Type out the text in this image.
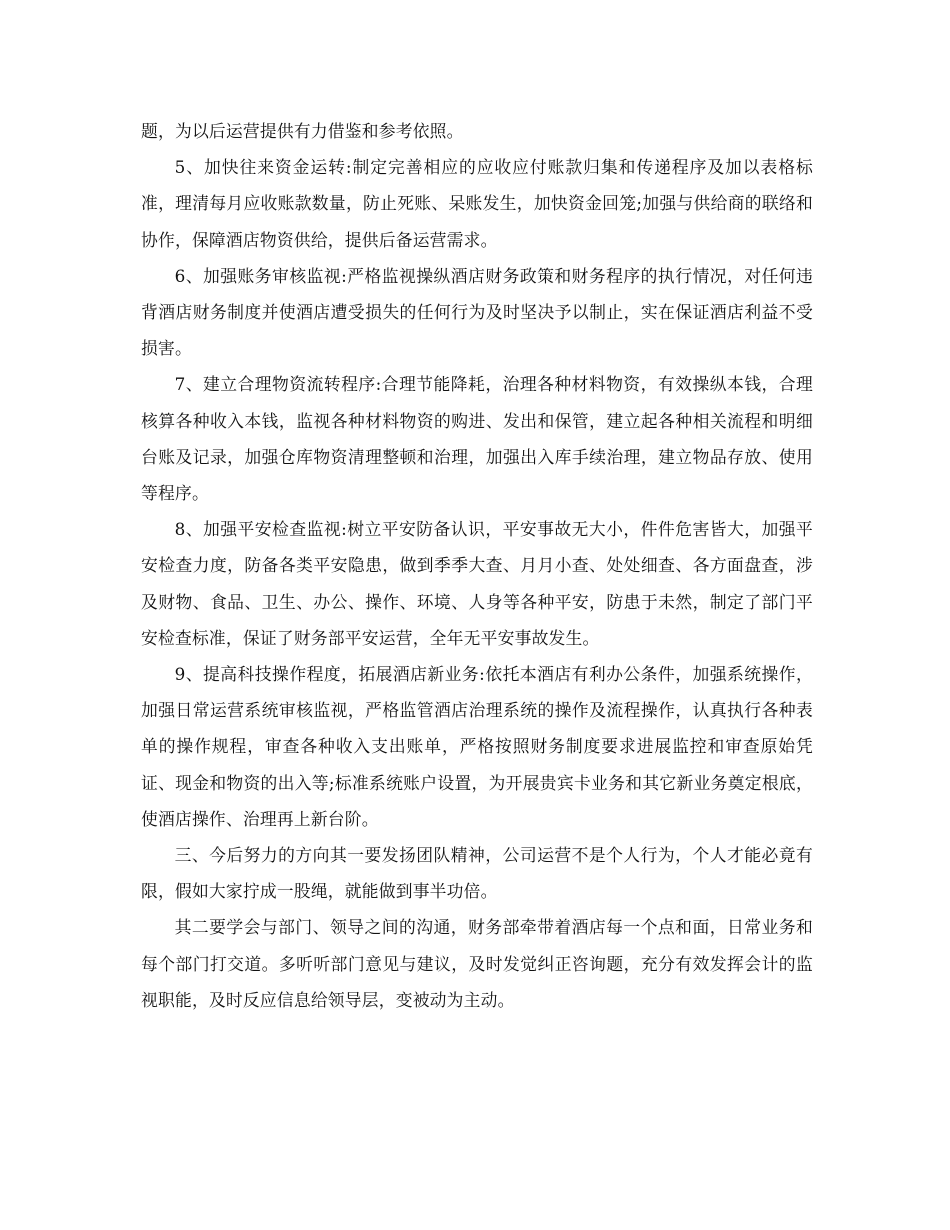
题，为以后运营提供有力借鉴和参考依照。

5、加快往来资金运转:制定完善相应的应收应付账款归集和传递程序及加以表格标准，理清每月应收账款数量，防止死账、呆账发生，加快资金回笼;加强与供给商的联络和协作，保障酒店物资供给，提供后备运营需求。

6、加强账务审核监视:严格监视操纵酒店财务政策和财务程序的执行情况，对任何违背酒店财务制度并使酒店遭受损失的任何行为及时坚决予以制止，实在保证酒店利益不受损害。

7、建立合理物资流转程序:合理节能降耗，治理各种材料物资，有效操纵本钱，合理核算各种收入本钱，监视各种材料物资的购进、发出和保管，建立起各种相关流程和明细台账及记录，加强仓库物资清理整顿和治理，加强出入库手续治理，建立物品存放、使用等程序。

8、加强平安检查监视:树立平安防备认识，平安事故无大小，件件危害皆大，加强平安检查力度，防备各类平安隐患，做到季季大查、月月小查、处处细查、各方面盘查，涉及财物、食品、卫生、办公、操作、环境、人身等各种平安，防患于未然，制定了部门平安检查标准，保证了财务部平安运营，全年无平安事故发生。

9、提高科技操作程度，拓展酒店新业务:依托本酒店有利办公条件，加强系统操作，加强日常运营系统审核监视，严格监管酒店治理系统的操作及流程操作，认真执行各种表单的操作规程，审查各种收入支出账单，严格按照财务制度要求进展监控和审查原始凭证、现金和物资的出入等;标准系统账户设置，为开展贵宾卡业务和其它新业务奠定根底，使酒店操作、治理再上新台阶。

三、今后努力的方向其一要发扬团队精神，公司运营不是个人行为，个人才能必竟有限，假如大家拧成一股绳，就能做到事半功倍。

其二要学会与部门、领导之间的沟通，财务部牵带着酒店每一个点和面，日常业务和每个部门打交道。多听听部门意见与建议，及时发觉纠正咨询题，充分有效发挥会计的监视职能，及时反应信息给领导层，变被动为主动。
